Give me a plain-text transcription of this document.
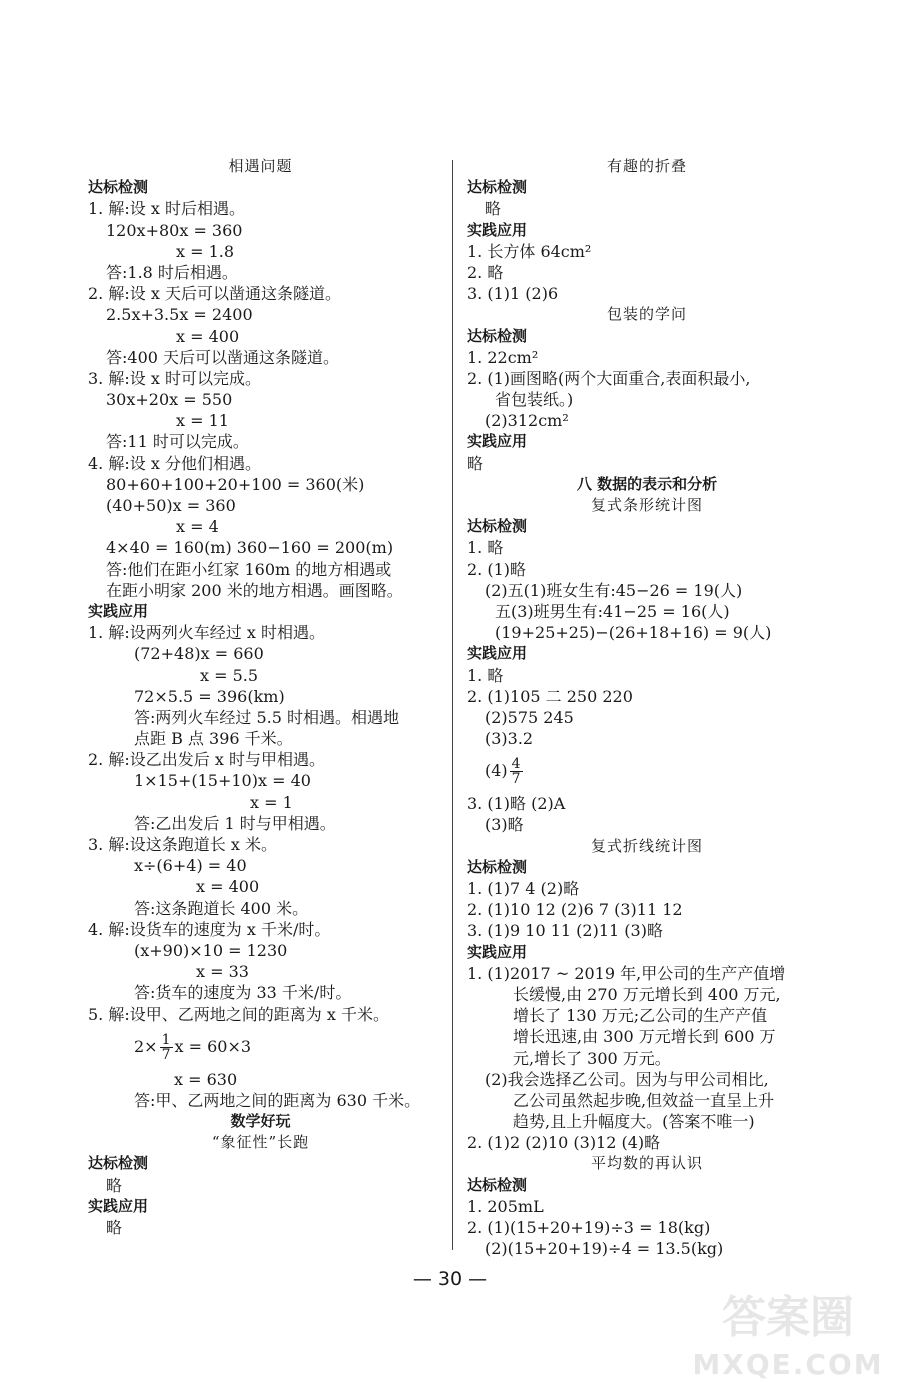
相遇问题
达标检测
1. 解:设 x 时后相遇。
120x+80x = 360
x = 1.8
答:1.8 时后相遇。
2. 解:设 x 天后可以凿通这条隧道。
2.5x+3.5x = 2400
x = 400
答:400 天后可以凿通这条隧道。
3. 解:设 x 时可以完成。
30x+20x = 550
x = 11
答:11 时可以完成。
4. 解:设 x 分他们相遇。
80+60+100+20+100 = 360(米)
(40+50)x = 360
x = 4
4×40 = 160(m) 360−160 = 200(m)
答:他们在距小红家 160m 的地方相遇或
在距小明家 200 米的地方相遇。画图略。
实践应用
1. 解:设两列火车经过 x 时相遇。
(72+48)x = 660
x = 5.5
72×5.5 = 396(km)
答:两列火车经过 5.5 时相遇。相遇地
点距 B 点 396 千米。
2. 解:设乙出发后 x 时与甲相遇。
1×15+(15+10)x = 40
x = 1
答:乙出发后 1 时与甲相遇。
3. 解:设这条跑道长 x 米。
x÷(6+4) = 40
x = 400
答:这条跑道长 400 米。
4. 解:设货车的速度为 x 千米/时。
(x+90)×10 = 1230
x = 33
答:货车的速度为 33 千米/时。
5. 解:设甲、乙两地之间的距离为 x 千米。
$2\times \frac{1}{7}$ x = 60×3
x = 630
答:甲、乙两地之间的距离为 630 千米。
数学好玩
“象征性”长跑
达标检测
略
实践应用
略
有趣的折叠
达标检测
略
实践应用
1. 长方体 64cm²
2. 略
3. (1)1 (2)6
包装的学问
达标检测
1. 22cm²
2. (1)画图略(两个大面重合,表面积最小,
省包装纸。)
(2)312cm²
实践应用
略
八 数据的表示和分析
复式条形统计图
达标检测
1. 略
2. (1)略
(2)五(1)班女生有:45−26 = 19(人)
五(3)班男生有:41−25 = 16(人)
(19+25+25)−(26+18+16) = 9(人)
实践应用
1. 略
2. (1)105 二 250 220
(2)575 245
(3)3.2
$(4) \frac{4}{7}$
3. (1)略 (2)A
(3)略
复式折线统计图
达标检测
1. (1)7 4 (2)略
2. (1)10 12 (2)6 7 (3)11 12
3. (1)9 10 11 (2)11 (3)略
实践应用
1. (1)2017 ~ 2019 年,甲公司的生产产值增
长缓慢,由 270 万元增长到 400 万元,
增长了 130 万元;乙公司的生产产值
增长迅速,由 300 万元增长到 600 万
元,增长了 300 万元。
(2)我会选择乙公司。因为与甲公司相比,
乙公司虽然起步晚,但效益一直呈上升
趋势,且上升幅度大。(答案不唯一)
2. (1)2 (2)10 (3)12 (4)略
平均数的再认识
达标检测
1. 205mL
2. (1)(15+20+19)÷3 = 18(kg)
(2)(15+20+19)÷4 = 13.5(kg)
— 30 —
答案圈
MXQE.COM
